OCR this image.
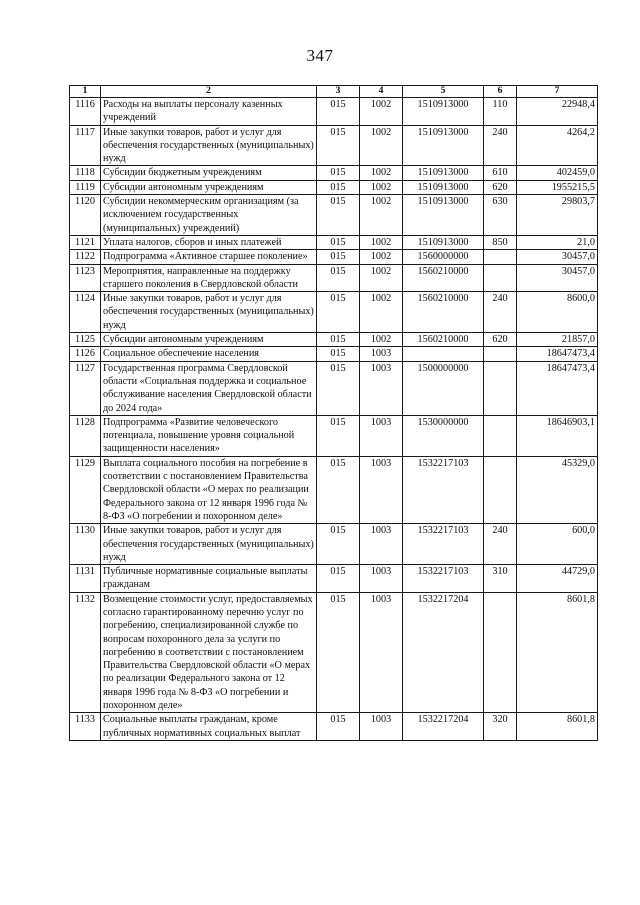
347
1	2	3	4	5	6	7
1116	Расходы на выплаты персоналу казенных учреждений	015	1002	1510913000	110	22948,4
1117	Иные закупки товаров, работ и услуг для обеспечения государственных (муниципальных) нужд	015	1002	1510913000	240	4264,2
1118	Субсидии бюджетным учреждениям	015	1002	1510913000	610	402459,0
1119	Субсидии автономным учреждениям	015	1002	1510913000	620	1955215,5
1120	Субсидии некоммерческим организациям (за исключением государственных (муниципальных) учреждений)	015	1002	1510913000	630	29803,7
1121	Уплата налогов, сборов и иных платежей	015	1002	1510913000	850	21,0
1122	Подпрограмма «Активное старшее поколение»	015	1002	1560000000		30457,0
1123	Мероприятия, направленные на поддержку старшего поколения в Свердловской области	015	1002	1560210000		30457,0
1124	Иные закупки товаров, работ и услуг для обеспечения государственных (муниципальных) нужд	015	1002	1560210000	240	8600,0
1125	Субсидии автономным учреждениям	015	1002	1560210000	620	21857,0
1126	Социальное обеспечение населения	015	1003			18647473,4
1127	Государственная программа Свердловской области «Социальная поддержка и социальное обслуживание населения Свердловской области до 2024 года»	015	1003	1500000000		18647473,4
1128	Подпрограмма «Развитие человеческого потенциала, повышение уровня социальной защищенности населения»	015	1003	1530000000		18646903,1
1129	Выплата социального пособия на погребение в соответствии с постановлением Правительства Свердловской области «О мерах по реализации Федерального закона от 12 января 1996 года № 8-ФЗ «О погребении и похоронном деле»	015	1003	1532217103		45329,0
1130	Иные закупки товаров, работ и услуг для обеспечения государственных (муниципальных) нужд	015	1003	1532217103	240	600,0
1131	Публичные нормативные социальные выплаты гражданам	015	1003	1532217103	310	44729,0
1132	Возмещение стоимости услуг, предоставляемых согласно гарантированному перечню услуг по погребению, специализированной службе по вопросам похоронного дела за услуги по погребению в соответствии с постановлением Правительства Свердловской области «О мерах по реализации Федерального закона от 12 января 1996 года № 8-ФЗ «О погребении и похоронном деле»	015	1003	1532217204		8601,8
1133	Социальные выплаты гражданам, кроме публичных нормативных социальных выплат	015	1003	1532217204	320	8601,8
